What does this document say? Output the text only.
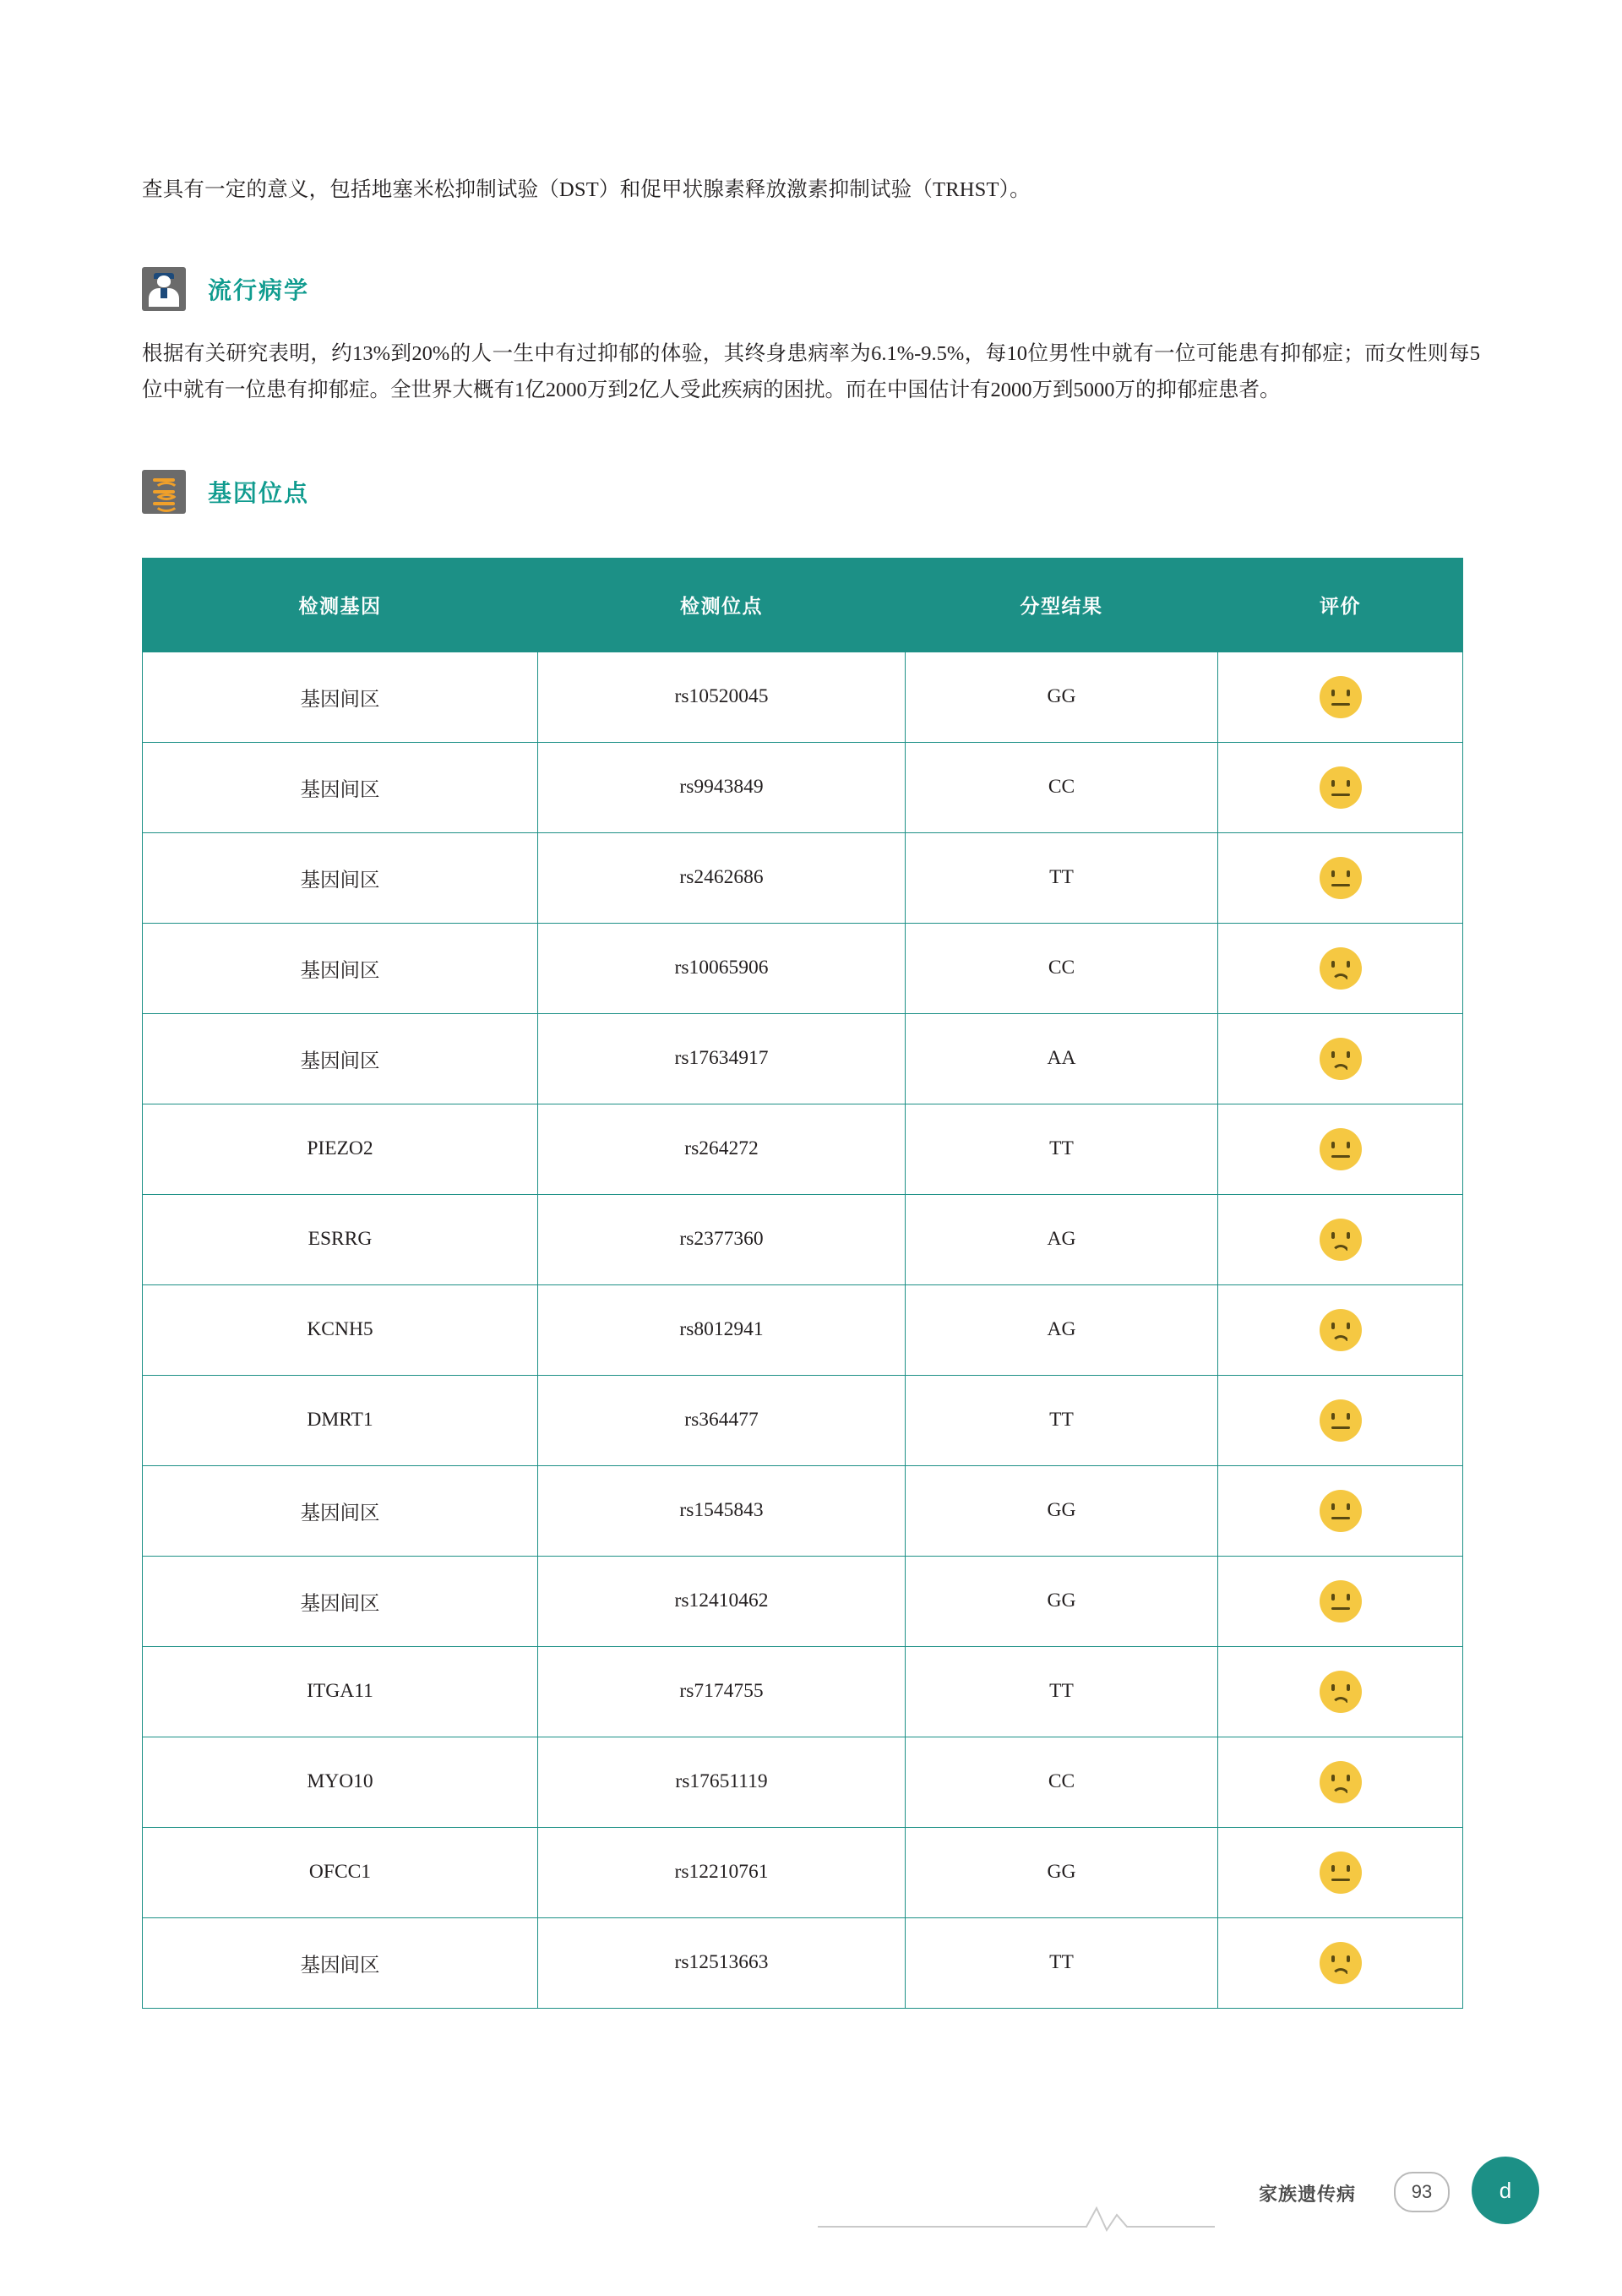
查具有一定的意义，包括地塞米松抑制试验（DST）和促甲状腺素释放激素抑制试验（TRHST）。
流行病学
根据有关研究表明，约13%到20%的人一生中有过抑郁的体验，其终身患病率为6.1%-9.5%，每10位男性中就有一位可能患有抑郁症；而女性则每5位中就有一位患有抑郁症。全世界大概有1亿2000万到2亿人受此疾病的困扰。而在中国估计有2000万到5000万的抑郁症患者。
基因位点
检测基因	检测位点	分型结果	评价
基因间区	rs10520045	GG	

基因间区	rs9943849	CC	

基因间区	rs2462686	TT	

基因间区	rs10065906	CC	

基因间区	rs17634917	AA	

PIEZO2	rs264272	TT	

ESRRG	rs2377360	AG	

KCNH5	rs8012941	AG	

DMRT1	rs364477	TT	

基因间区	rs1545843	GG	

基因间区	rs12410462	GG	

ITGA11	rs7174755	TT	

MYO10	rs17651119	CC	

OFCC1	rs12210761	GG	

基因间区	rs12513663	TT	
家族遗传病	93	d
